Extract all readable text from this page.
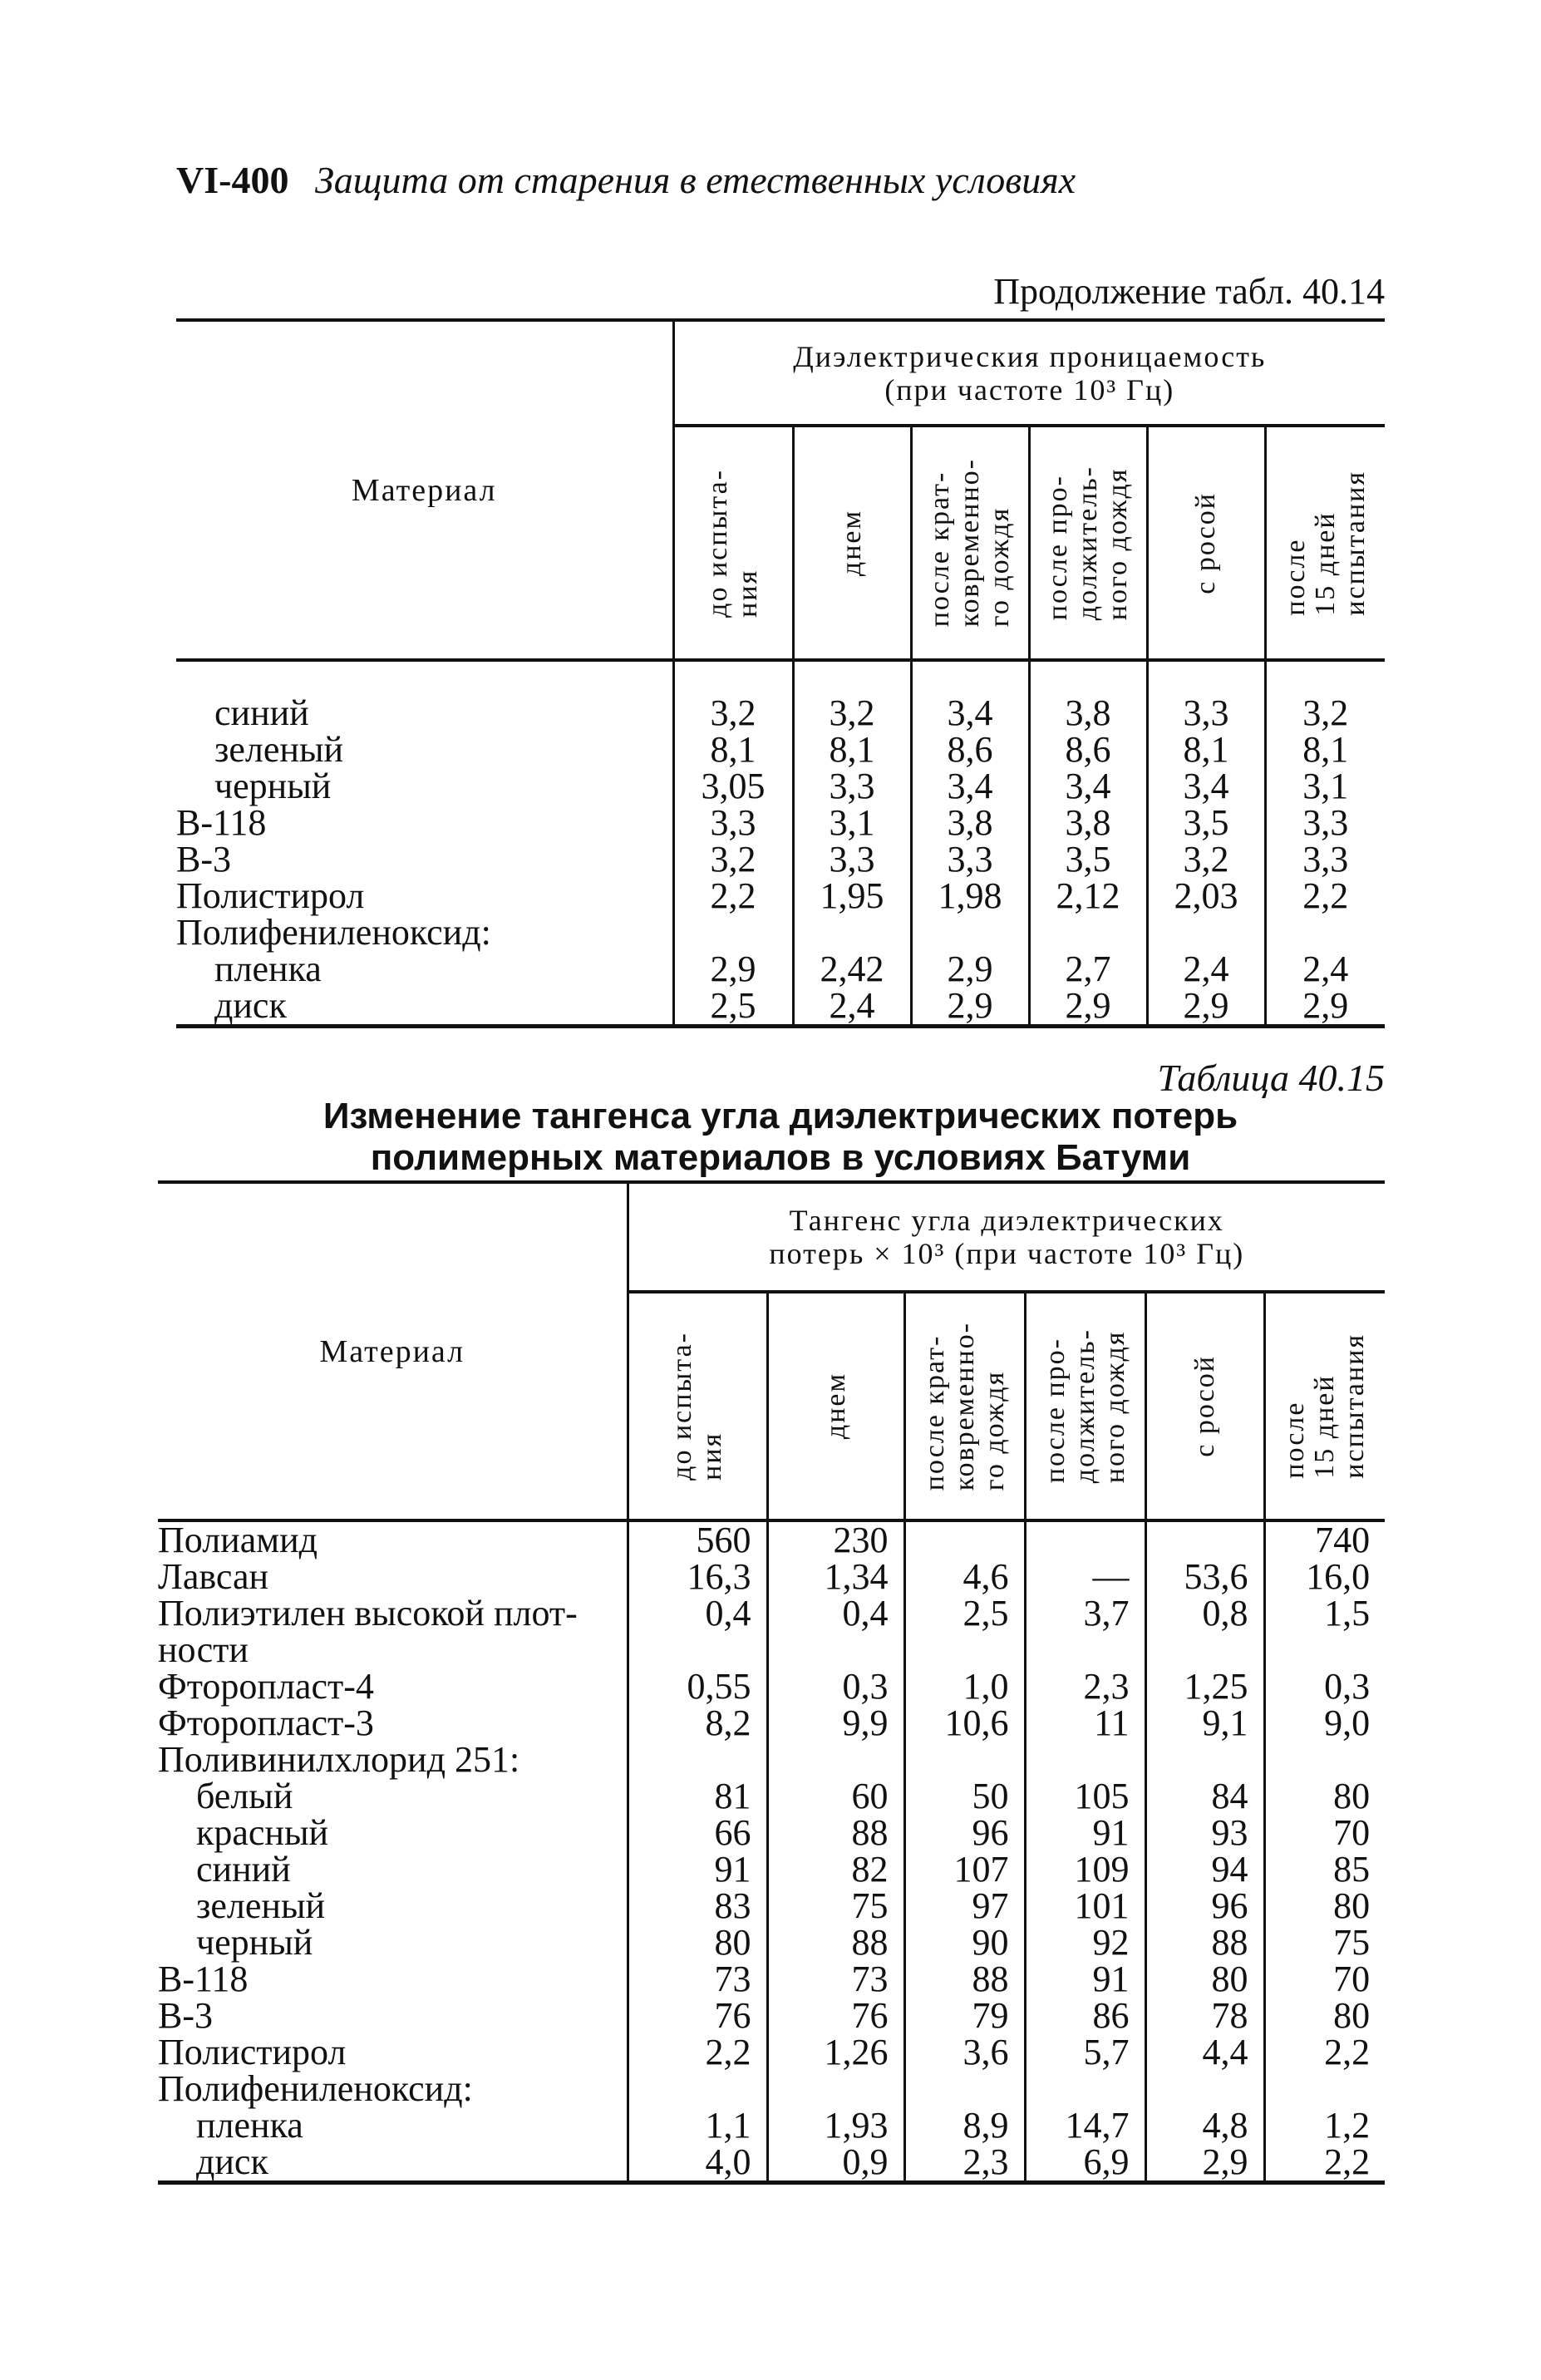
VI-400 Защита от старения в етественных условиях
Продолжение табл. 40.14
Материал	Диэлектрическия проницаемость
(при частоте 10³ Гц)					

	до испыта-
ния	днем	после крат-
ковременно-
го дождя	после про-
должитель-
ного дождя	с росой	после
15 дней
испытания

синий	3,2	3,2	3,4	3,8	3,3	3,2
зеленый	8,1	8,1	8,6	8,6	8,1	8,1
черный	3,05	3,3	3,4	3,4	3,4	3,1
В-118	3,3	3,1	3,8	3,8	3,5	3,3
В-3	3,2	3,3	3,3	3,5	3,2	3,3
Полистирол	2,2	1,95	1,98	2,12	2,03	2,2
Полифениленоксид:						
пленка	2,9	2,42	2,9	2,7	2,4	2,4
диск	2,5	2,4	2,9	2,9	2,9	2,9
Таблица 40.15
Изменение тангенса угла диэлектрических потерь
полимерных материалов в условиях Батуми
Материал	Тангенс угла диэлектрических
потерь × 10³ (при частоте 10³ Гц)					

	до испыта-
ния	днем	после крат-
ковременно-
го дождя	после про-
должитель-
ного дождя	с росой	после
15 дней
испытания

Полиамид	560	230				740
Лавсан	16,3	1,34	4,6	—	53,6	16,0
Полиэтилен высокой плот-	0,4	0,4	2,5	3,7	0,8	1,5
ности						
Фторопласт-4	0,55	0,3	1,0	2,3	1,25	0,3
Фторопласт-3	8,2	9,9	10,6	11	9,1	9,0
Поливинилхлорид 251:						
белый	81	60	50	105	84	80
красный	66	88	96	91	93	70
синий	91	82	107	109	94	85
зеленый	83	75	97	101	96	80
черный	80	88	90	92	88	75
В-118	73	73	88	91	80	70
В-3	76	76	79	86	78	80
Полистирол	2,2	1,26	3,6	5,7	4,4	2,2
Полифениленоксид:						
пленка	1,1	1,93	8,9	14,7	4,8	1,2
диск	4,0	0,9	2,3	6,9	2,9	2,2
